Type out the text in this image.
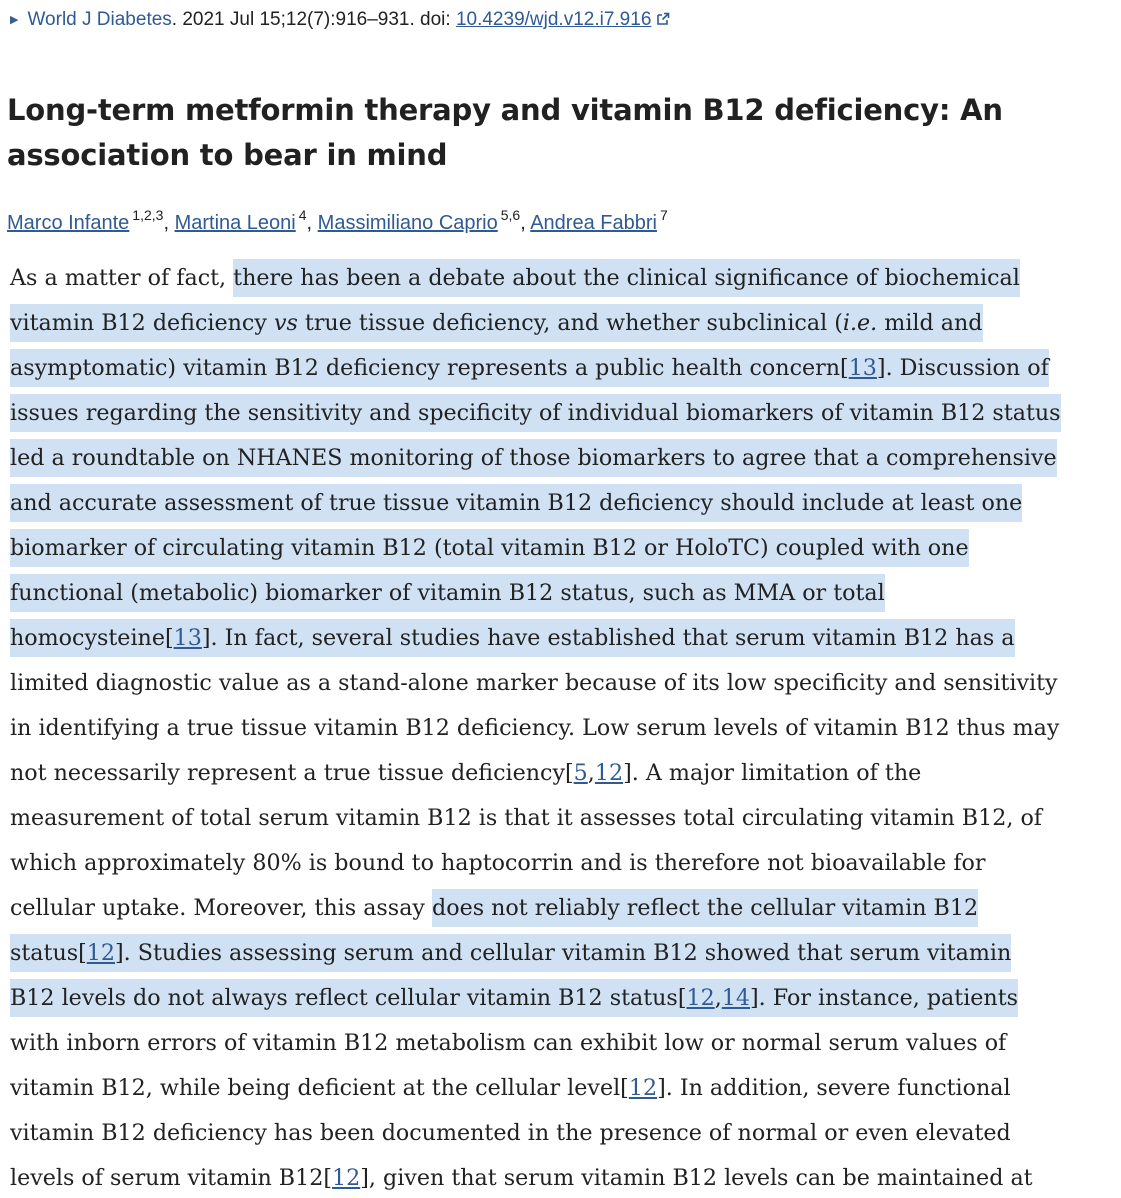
▶ World J Diabetes. 2021 Jul 15;12(7):916–931. doi: 10.4239/wjd.v12.i7.916
Long-term metformin therapy and vitamin B12 deficiency: An association to bear in mind
Marco Infante $^{1,2,3}$, Martina Leoni $^4$, Massimiliano Caprio $^{5,6}$, Andrea Fabbri $^7$
As a matter of fact, there has been a debate about the clinical significance of biochemical
vitamin B12 deficiency vs true tissue deficiency, and whether subclinical (i.e. mild and
asymptomatic) vitamin B12 deficiency represents a public health concern[13]. Discussion of
issues regarding the sensitivity and specificity of individual biomarkers of vitamin B12 status
led a roundtable on NHANES monitoring of those biomarkers to agree that a comprehensive
and accurate assessment of true tissue vitamin B12 deficiency should include at least one
biomarker of circulating vitamin B12 (total vitamin B12 or HoloTC) coupled with one
functional (metabolic) biomarker of vitamin B12 status, such as MMA or total
homocysteine[13]. In fact, several studies have established that serum vitamin B12 has a
limited diagnostic value as a stand-alone marker because of its low specificity and sensitivity
in identifying a true tissue vitamin B12 deficiency. Low serum levels of vitamin B12 thus may
not necessarily represent a true tissue deficiency[5,12]. A major limitation of the
measurement of total serum vitamin B12 is that it assesses total circulating vitamin B12, of
which approximately 80% is bound to haptocorrin and is therefore not bioavailable for
cellular uptake. Moreover, this assay does not reliably reflect the cellular vitamin B12
status[12]. Studies assessing serum and cellular vitamin B12 showed that serum vitamin
B12 levels do not always reflect cellular vitamin B12 status[12,14]. For instance, patients
with inborn errors of vitamin B12 metabolism can exhibit low or normal serum values of
vitamin B12, while being deficient at the cellular level[12]. In addition, severe functional
vitamin B12 deficiency has been documented in the presence of normal or even elevated
levels of serum vitamin B12[12], given that serum vitamin B12 levels can be maintained at
